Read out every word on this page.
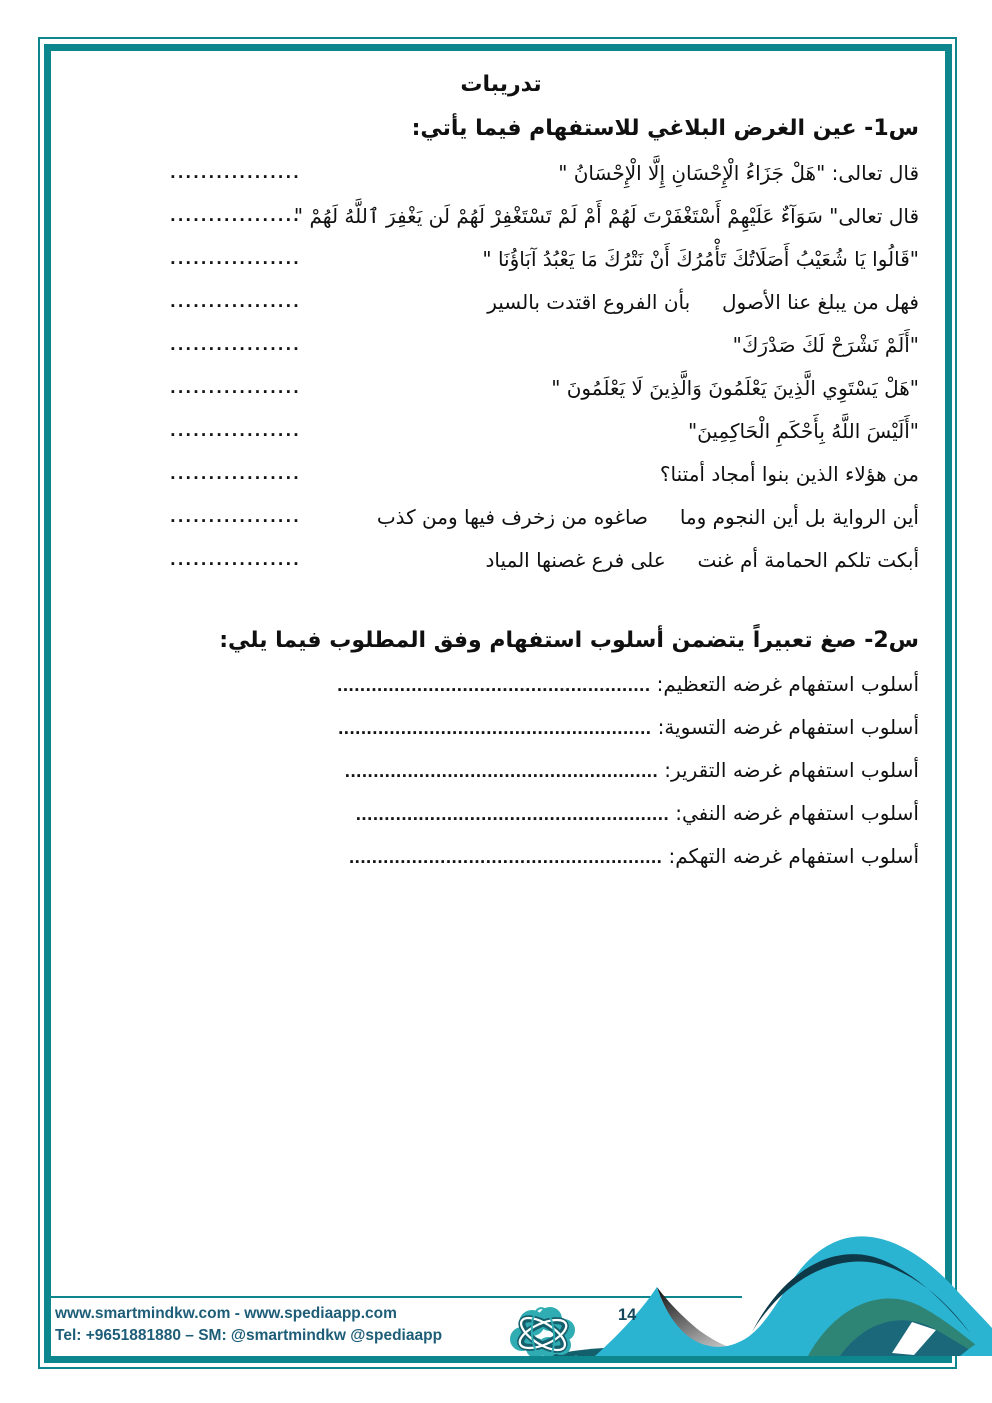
تدريبات
س1- عين الغرض البلاغي للاستفهام فيما يأتي:
قال تعالى: "هَلْ جَزَاءُ الْإِحْسَانِ إِلَّا الْإِحْسَانُ "
.................
قال تعالى" سَوَآءٌ عَلَيْهِمْ أَسْتَغْفَرْتَ لَهُمْ أَمْ لَمْ تَسْتَغْفِرْ لَهُمْ لَن يَغْفِرَ ٱللَّهُ لَهُمْ "
.................
"قَالُوا يَا شُعَيْبُ أَصَلَاتُكَ تَأْمُرُكَ أَنْ نَتْرُكَ مَا يَعْبُدُ آبَاؤُنَا "
.................
فهل من يبلغ عنا الأصول     بأن الفروع اقتدت بالسير
.................
"أَلَمْ نَشْرَحْ لَكَ صَدْرَكَ"
.................
"هَلْ يَسْتَوِي الَّذِينَ يَعْلَمُونَ وَالَّذِينَ لَا يَعْلَمُونَ "
.................
"أَلَيْسَ اللَّهُ بِأَحْكَمِ الْحَاكِمِينَ"
.................
من هؤلاء الذين بنوا أمجاد أمتنا؟
.................
أين الرواية بل أين النجوم وما     صاغوه من زخرف فيها ومن كذب
.................
أبكت تلكم الحمامة أم غنت     على فرع غصنها المياد
.................
س2- صغ تعبيراً يتضمن أسلوب استفهام وفق المطلوب فيما يلي:
أسلوب استفهام غرضه التعظيم: .......................................................
أسلوب استفهام غرضه التسوية: .......................................................
أسلوب استفهام غرضه التقرير: .......................................................
أسلوب استفهام غرضه النفي: .......................................................
أسلوب استفهام غرضه التهكم: .......................................................
www.smartmindkw.com - www.spediaapp.com
Tel: +9651881880 – SM: @smartmindkw @spediaapp
14
